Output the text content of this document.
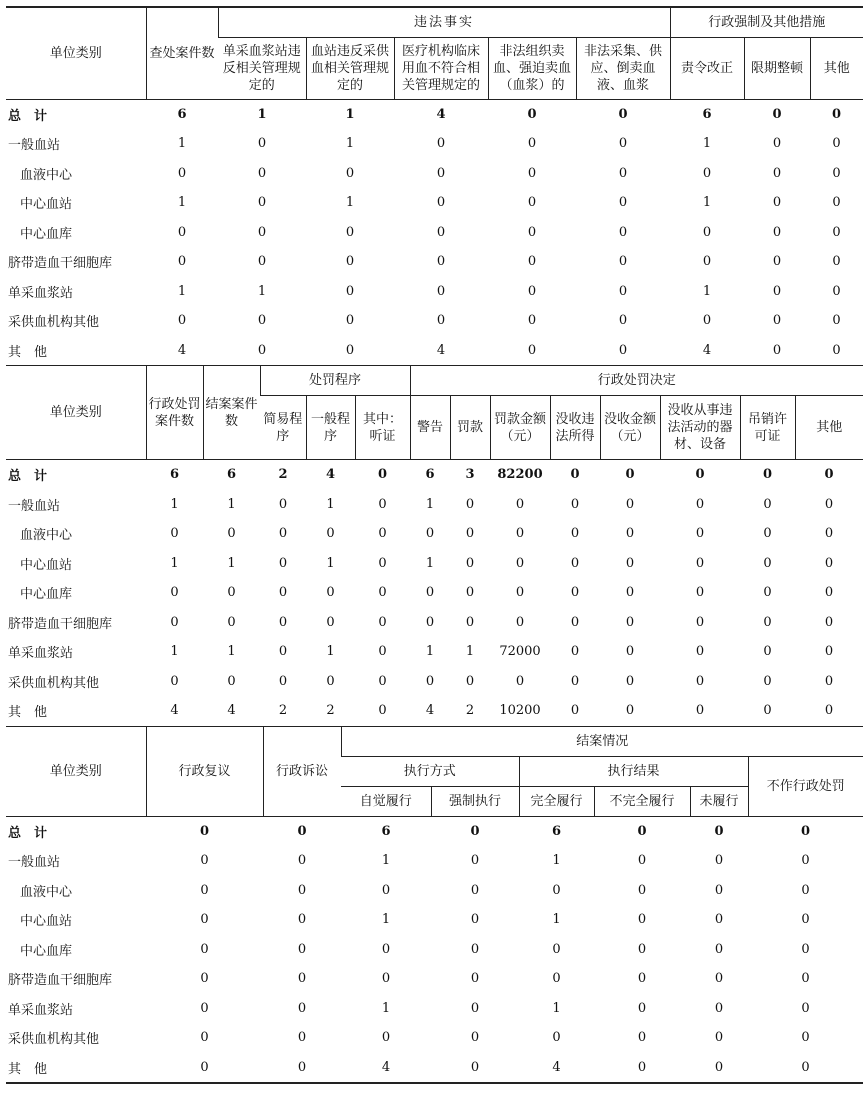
单位类别	查处案件数	违法事实					行政强制及其他措施		
		单采血浆站违反相关管理规定的	血站违反采供血相关管理规定的	医疗机构临床用血不符合相关管理规定的	非法组织卖血、强迫卖血（血浆）的	非法采集、供应、倒卖血液、血浆	责令改正	限期整顿	其他
总　计	6	1	1	4	0	0	6	0	0
一般血站	1	0	1	0	0	0	1	0	0
血液中心	0	0	0	0	0	0	0	0	0
中心血站	1	0	1	0	0	0	1	0	0
中心血库	0	0	0	0	0	0	0	0	0
脐带造血干细胞库	0	0	0	0	0	0	0	0	0
单采血浆站	1	1	0	0	0	0	1	0	0
采供血机构其他	0	0	0	0	0	0	0	0	0
其　他	4	0	0	4	0	0	4	0	0
单位类别	行政处罚案件数	结案案件数	处罚程序			行政处罚决定							
			简易程序	一般程序	其中：听证	警告	罚款	罚款金额（元）	没收违法所得	没收金额（元）	没收从事违法活动的器材、设备	吊销许可证	其他
总　计	6	6	2	4	0	6	3	82200	0	0	0	0	0
一般血站	1	1	0	1	0	1	0	0	0	0	0	0	0
血液中心	0	0	0	0	0	0	0	0	0	0	0	0	0
中心血站	1	1	0	1	0	1	0	0	0	0	0	0	0
中心血库	0	0	0	0	0	0	0	0	0	0	0	0	0
脐带造血干细胞库	0	0	0	0	0	0	0	0	0	0	0	0	0
单采血浆站	1	1	0	1	0	1	1	72000	0	0	0	0	0
采供血机构其他	0	0	0	0	0	0	0	0	0	0	0	0	0
其　他	4	4	2	2	0	4	2	10200	0	0	0	0	0
单位类别	行政复议	行政诉讼	结案情况					
			执行方式		执行结果			不作行政处罚
			自觉履行	强制执行	完全履行	不完全履行	未履行	
总　计	0	0	6	0	6	0	0	0
一般血站	0	0	1	0	1	0	0	0
血液中心	0	0	0	0	0	0	0	0
中心血站	0	0	1	0	1	0	0	0
中心血库	0	0	0	0	0	0	0	0
脐带造血干细胞库	0	0	0	0	0	0	0	0
单采血浆站	0	0	1	0	1	0	0	0
采供血机构其他	0	0	0	0	0	0	0	0
其　他	0	0	4	0	4	0	0	0
